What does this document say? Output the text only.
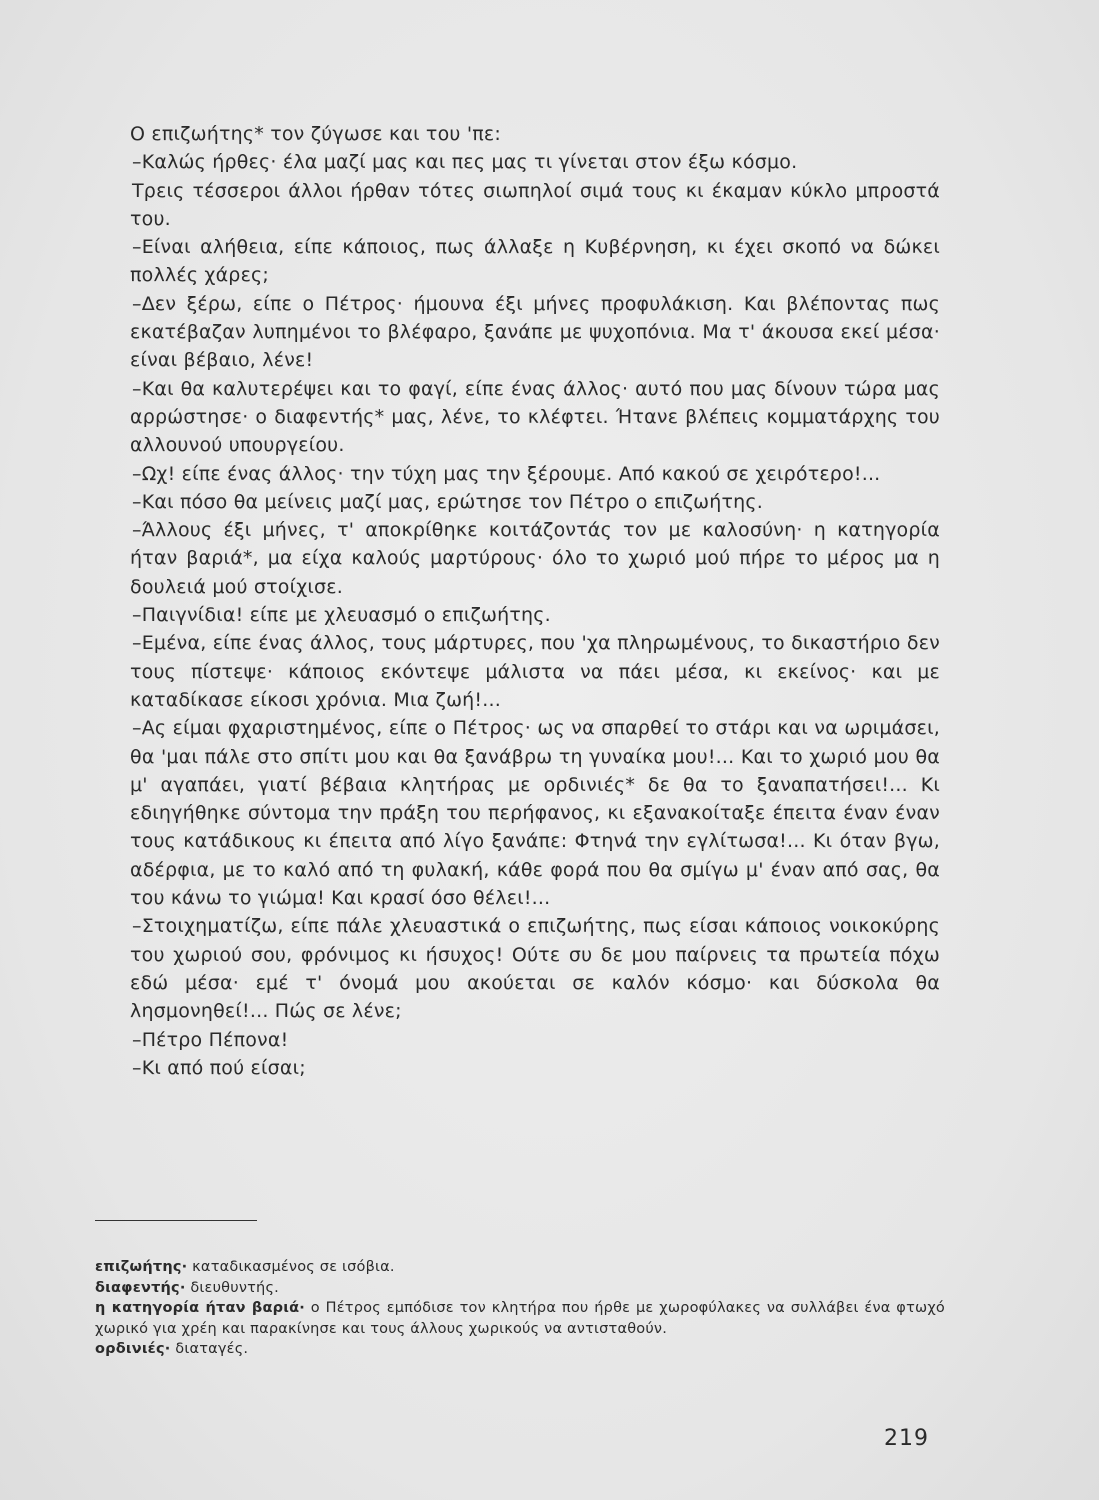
Ο επιζωήτης* τον ζύγωσε και του 'πε:

–Καλώς ήρθες· έλα μαζί μας και πες μας τι γίνεται στον έξω κόσμο.

Τρεις τέσσεροι άλλοι ήρθαν τότες σιωπηλοί σιμά τους κι έκαμαν κύκλο μπροστά του.

–Είναι αλήθεια, είπε κάποιος, πως άλλαξε η Κυβέρνηση, κι έχει σκοπό να δώκει πολλές χάρες;

–Δεν ξέρω, είπε ο Πέτρος· ήμουνα έξι μήνες προφυλάκιση. Και βλέποντας πως εκατέβαζαν λυπημένοι το βλέφαρο, ξανάπε με ψυχοπόνια. Μα τ' άκουσα εκεί μέσα· είναι βέβαιο, λένε!

–Και θα καλυτερέψει και το φαγί, είπε ένας άλλος· αυτό που μας δίνουν τώρα μας αρρώστησε· ο διαφεντής* μας, λένε, το κλέφτει. Ήτανε βλέπεις κομματάρχης του αλλουνού υπουργείου.

–Ωχ! είπε ένας άλλος· την τύχη μας την ξέρουμε. Από κακού σε χειρότερο!...

–Και πόσο θα μείνεις μαζί μας, ερώτησε τον Πέτρο ο επιζωήτης.

–Άλλους έξι μήνες, τ' αποκρίθηκε κοιτάζοντάς τον με καλοσύνη· η κατηγορία ήταν βαριά*, μα είχα καλούς μαρτύρους· όλο το χωριό μού πήρε το μέρος μα η δουλειά μού στοίχισε.

–Παιγνίδια! είπε με χλευασμό ο επιζωήτης.

–Εμένα, είπε ένας άλλος, τους μάρτυρες, που 'χα πληρωμένους, το δικαστήριο δεν τους πίστεψε· κάποιος εκόντεψε μάλιστα να πάει μέσα, κι εκείνος· και με καταδίκασε είκοσι χρόνια. Μια ζωή!...

–Ας είμαι φχαριστημένος, είπε ο Πέτρος· ως να σπαρθεί το στάρι και να ωριμάσει, θα 'μαι πάλε στο σπίτι μου και θα ξανάβρω τη γυναίκα μου!... Και το χωριό μου θα μ' αγαπάει, γιατί βέβαια κλητήρας με ορδινιές* δε θα το ξαναπατήσει!... Κι εδιηγήθηκε σύντομα την πράξη του περήφανος, κι εξανακοίταξε έπειτα έναν έναν τους κατάδικους κι έπειτα από λίγο ξανάπε: Φτηνά την εγλίτωσα!... Κι όταν βγω, αδέρφια, με το καλό από τη φυλακή, κάθε φορά που θα σμίγω μ' έναν από σας, θα του κάνω το γιώμα! Και κρασί όσο θέλει!...

–Στοιχηματίζω, είπε πάλε χλευαστικά ο επιζωήτης, πως είσαι κάποιος νοικοκύρης του χωριού σου, φρόνιμος κι ήσυχος! Ούτε συ δε μου παίρνεις τα πρωτεία πόχω εδώ μέσα· εμέ τ' όνομά μου ακούεται σε καλόν κόσμο· και δύσκολα θα λησμονηθεί!... Πώς σε λένε;

–Πέτρο Πέπονα!

–Κι από πού είσαι;

επιζωήτης· καταδικασμένος σε ισόβια.

διαφεντής· διευθυντής.

η κατηγορία ήταν βαριά· ο Πέτρος εμπόδισε τον κλητήρα που ήρθε με χωροφύλακες να συλλάβει ένα φτωχό χωρικό για χρέη και παρακίνησε και τους άλλους χωρικούς να αντισταθούν.

ορδινιές· διαταγές.

219
